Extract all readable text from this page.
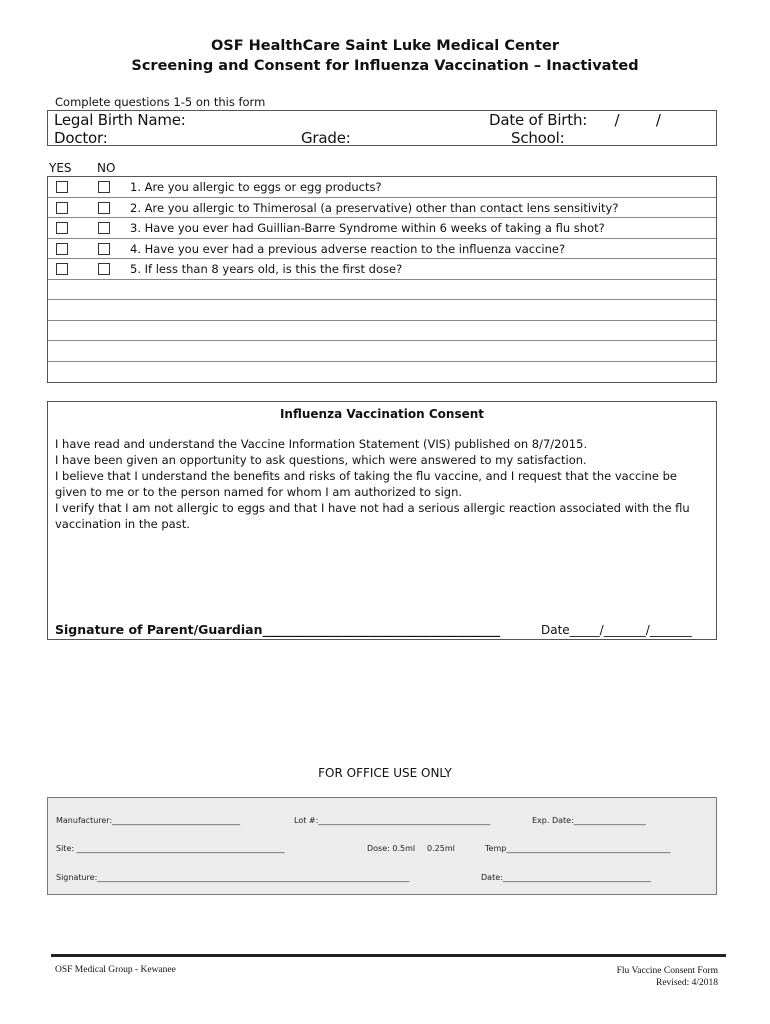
OSF HealthCare Saint Luke Medical Center
Screening and Consent for Influenza Vaccination – Inactivated
Complete questions 1-5 on this form
Legal Birth Name:	Date of Birth:      /        /
Doctor:	Grade:	School:
YES NO
1. Are you allergic to eggs or egg products?
2. Are you allergic to Thimerosal (a preservative) other than contact lens sensitivity?
3. Have you ever had Guillian-Barre Syndrome within 6 weeks of taking a flu shot?
4. Have you ever had a previous adverse reaction to the influenza vaccine?
5. If less than 8 years old, is this the first dose?
Influenza Vaccination Consent

I have read and understand the Vaccine Information Statement (VIS) published on 8/7/2015.

I have been given an opportunity to ask questions, which were answered to my satisfaction.

I believe that I understand the benefits and risks of taking the flu vaccine, and I request that the vaccine be given to me or to the person named for whom I am authorized to sign.

I verify that I am not allergic to eggs and that I have not had a serious allergic reaction associated with the flu vaccination in the past.

Signature of Parent/Guardian______________________________________	Date_____/_______/_______
FOR OFFICE USE ONLY
Manufacturer:________________________________	Lot #:___________________________________________	Exp. Date:__________________
Site: ____________________________________________________	Dose: 0.5ml 0.25ml	Temp_________________________________________
Signature:______________________________________________________________________________	Date:_____________________________________
OSF Medical Group - Kewanee	Flu Vaccine Consent Form
Revised: 4/2018
